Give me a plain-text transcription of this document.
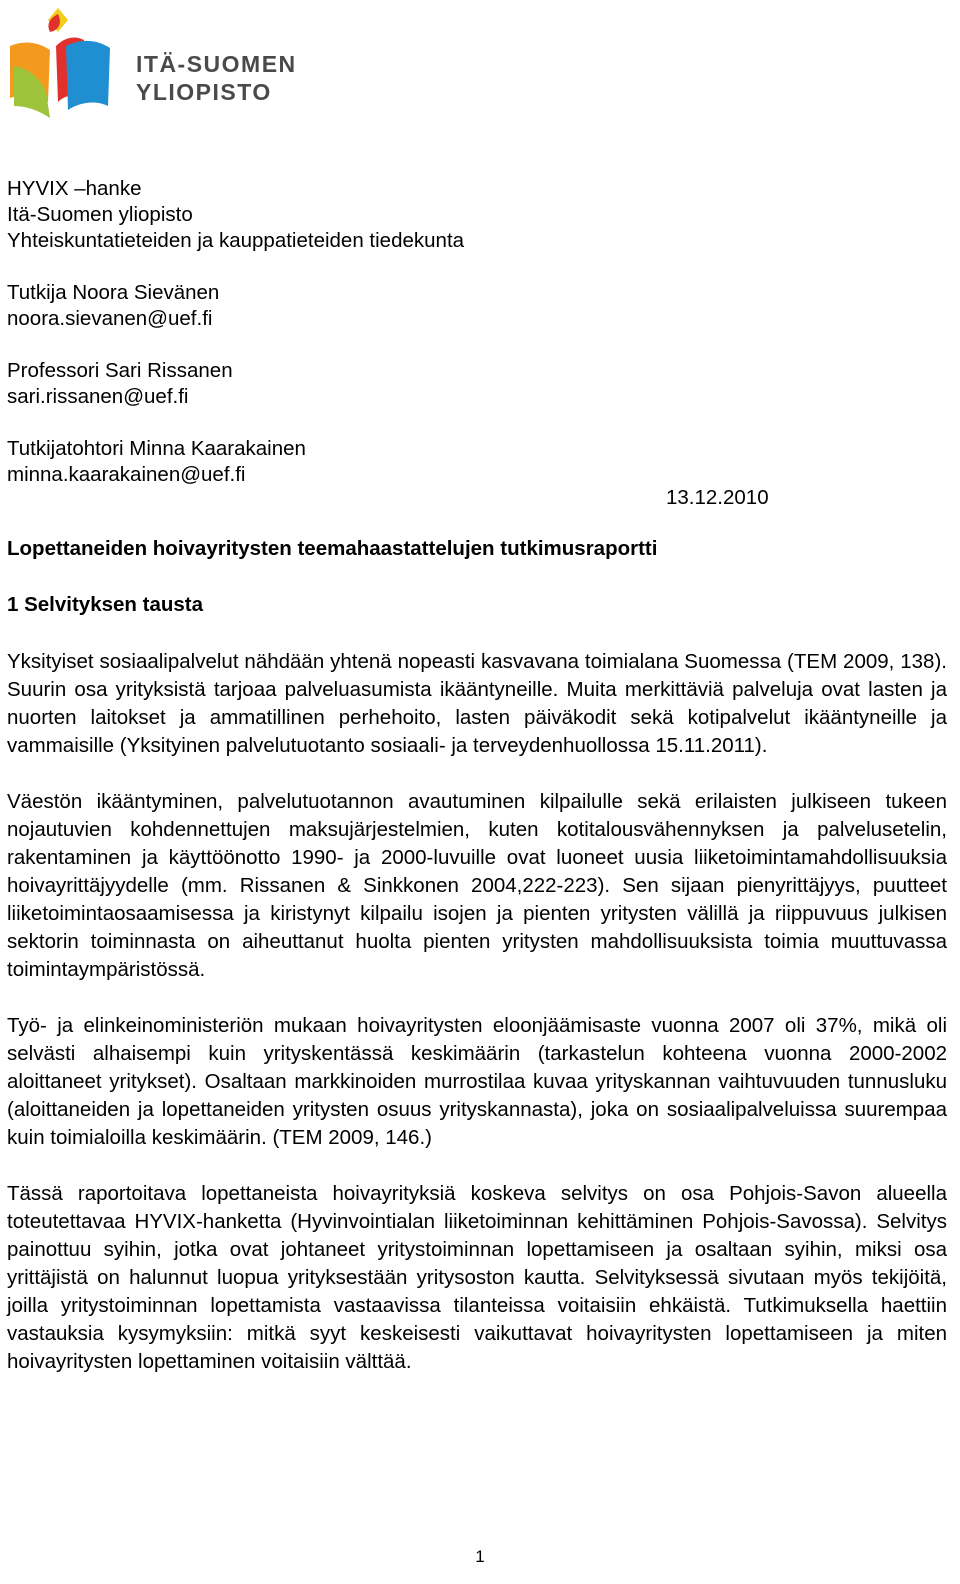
ITÄ-SUOMEN
YLIOPISTO
HYVIX –hanke
Itä-Suomen yliopisto
Yhteiskuntatieteiden ja kauppatieteiden tiedekunta
Tutkija Noora Sievänen
noora.sievanen@uef.fi
Professori Sari Rissanen
sari.rissanen@uef.fi
Tutkijatohtori Minna Kaarakainen
minna.kaarakainen@uef.fi
13.12.2010
Lopettaneiden hoivayritysten teemahaastattelujen tutkimusraportti
1 Selvityksen tausta

Yksityiset sosiaalipalvelut nähdään yhtenä nopeasti kasvavana toimialana Suomessa (TEM 2009, 138). Suurin osa yrityksistä tarjoaa palveluasumista ikääntyneille. Muita merkittäviä palveluja ovat lasten ja nuorten laitokset ja ammatillinen perhehoito, lasten päiväkodit sekä kotipalvelut ikääntyneille ja vammaisille (Yksityinen palvelutuotanto sosiaali- ja terveydenhuollossa 15.11.2011).

Väestön ikääntyminen, palvelutuotannon avautuminen kilpailulle sekä erilaisten julkiseen tukeen nojautuvien kohdennettujen maksujärjestelmien, kuten kotitalousvähennyksen ja palvelusetelin, rakentaminen ja käyttöönotto 1990- ja 2000-luvuille ovat luoneet uusia liiketoimintamahdollisuuksia hoivayrittäjyydelle (mm. Rissanen & Sinkkonen 2004,222-223). Sen sijaan pienyrittäjyys, puutteet liiketoimintaosaamisessa ja kiristynyt kilpailu isojen ja pienten yritysten välillä ja riippuvuus julkisen sektorin toiminnasta on aiheuttanut huolta pienten yritysten mahdollisuuksista toimia muuttuvassa toimintaympäristössä.

Työ- ja elinkeinoministeriön mukaan hoivayritysten eloonjäämisaste vuonna 2007 oli 37%, mikä oli selvästi alhaisempi kuin yrityskentässä keskimäärin (tarkastelun kohteena vuonna 2000-2002 aloittaneet yritykset). Osaltaan markkinoiden murrostilaa kuvaa yrityskannan vaihtuvuuden tunnusluku (aloittaneiden ja lopettaneiden yritysten osuus yrityskannasta), joka on sosiaalipalveluissa suurempaa kuin toimialoilla keskimäärin. (TEM 2009, 146.)

Tässä raportoitava lopettaneista hoivayrityksiä koskeva selvitys on osa Pohjois-Savon alueella toteutettavaa HYVIX-hanketta (Hyvinvointialan liiketoiminnan kehittäminen Pohjois-Savossa). Selvitys painottuu syihin, jotka ovat johtaneet yritystoiminnan lopettamiseen ja osaltaan syihin, miksi osa yrittäjistä on halunnut luopua yrityksestään yritysoston kautta. Selvityksessä sivutaan myös tekijöitä, joilla yritystoiminnan lopettamista vastaavissa tilanteissa voitaisiin ehkäistä. Tutkimuksella haettiin vastauksia kysymyksiin: mitkä syyt keskeisesti vaikuttavat hoivayritysten lopettamiseen ja miten hoivayritysten lopettaminen voitaisiin välttää.

1
